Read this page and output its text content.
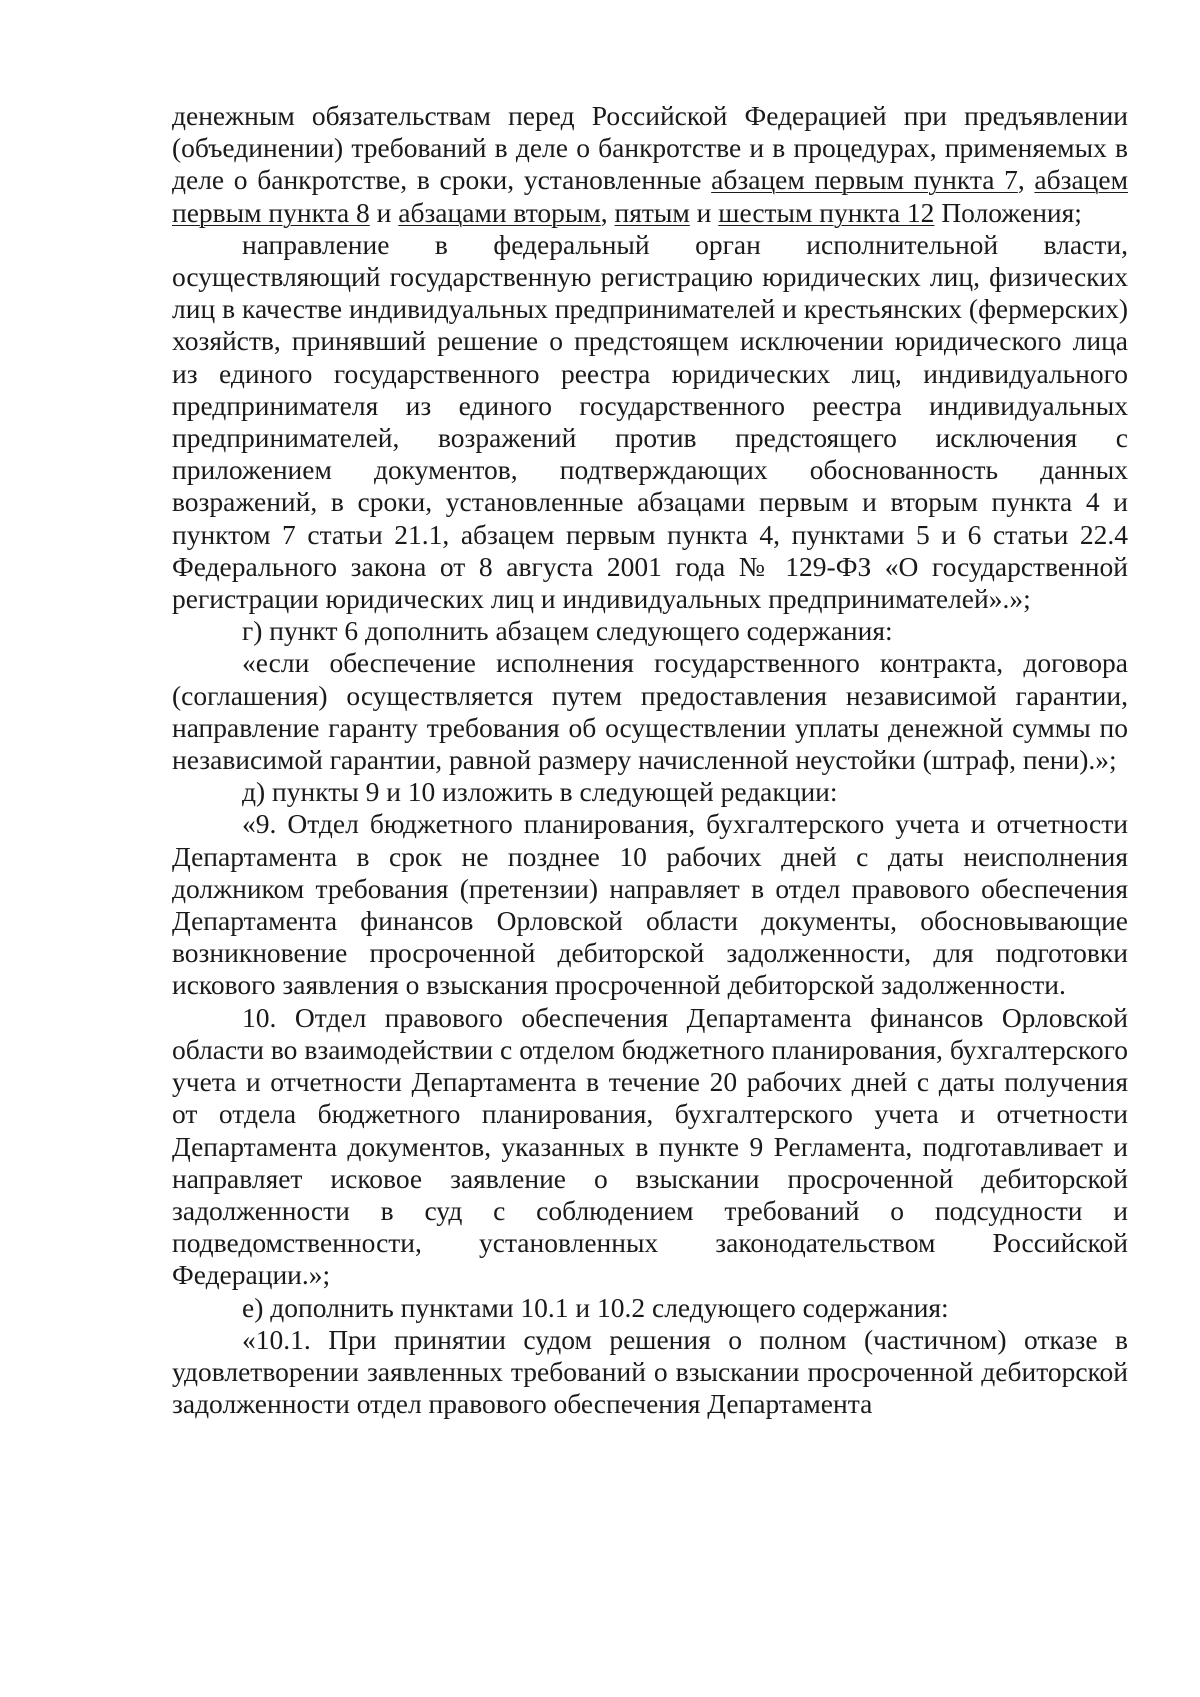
денежным обязательствам перед Российской Федерацией при предъявлении (объединении) требований в деле о банкротстве и в процедурах, применяемых в деле о банкротстве, в сроки, установленные абзацем первым пункта 7, абзацем первым пункта 8 и абзацами вторым, пятым и шестым пункта 12 Положения;

направление в федеральный орган исполнительной власти, осуществляющий государственную регистрацию юридических лиц, физических лиц в качестве индивидуальных предпринимателей и крестьянских (фермерских) хозяйств, принявший решение о предстоящем исключении юридического лица из единого государственного реестра юридических лиц, индивидуального предпринимателя из единого государственного реестра индивидуальных предпринимателей, возражений против предстоящего исключения с приложением документов, подтверждающих обоснованность данных возражений, в сроки, установленные абзацами первым и вторым пункта 4 и пунктом 7 статьи 21.1, абзацем первым пункта 4, пунктами 5 и 6 статьи 22.4 Федерального закона от 8 августа 2001 года № 129-ФЗ «О государственной регистрации юридических лиц и индивидуальных предпринимателей».»;

г) пункт 6 дополнить абзацем следующего содержания:

«если обеспечение исполнения государственного контракта, договора (соглашения) осуществляется путем предоставления независимой гарантии, направление гаранту требования об осуществлении уплаты денежной суммы по независимой гарантии, равной размеру начисленной неустойки (штраф, пени).»;

д) пункты 9 и 10 изложить в следующей редакции:

«9. Отдел бюджетного планирования, бухгалтерского учета и отчетности Департамента в срок не позднее 10 рабочих дней с даты неисполнения должником требования (претензии) направляет в отдел правового обеспечения Департамента финансов Орловской области документы, обосновывающие возникновение просроченной дебиторской задолженности, для подготовки искового заявления о взыскания просроченной дебиторской задолженности.

10. Отдел правового обеспечения Департамента финансов Орловской области во взаимодействии с отделом бюджетного планирования, бухгалтерского учета и отчетности Департамента в течение 20 рабочих дней с даты получения от отдела бюджетного планирования, бухгалтерского учета и отчетности Департамента документов, указанных в пункте 9 Регламента, подготавливает и направляет исковое заявление о взыскании просроченной дебиторской задолженности в суд с соблюдением требований о подсудности и подведомственности, установленных законодательством Российской Федерации.»;

е) дополнить пунктами 10.1 и 10.2 следующего содержания:

«10.1. При принятии судом решения о полном (частичном) отказе в удовлетворении заявленных требований о взыскании просроченной дебиторской задолженности отдел правового обеспечения Департамента
